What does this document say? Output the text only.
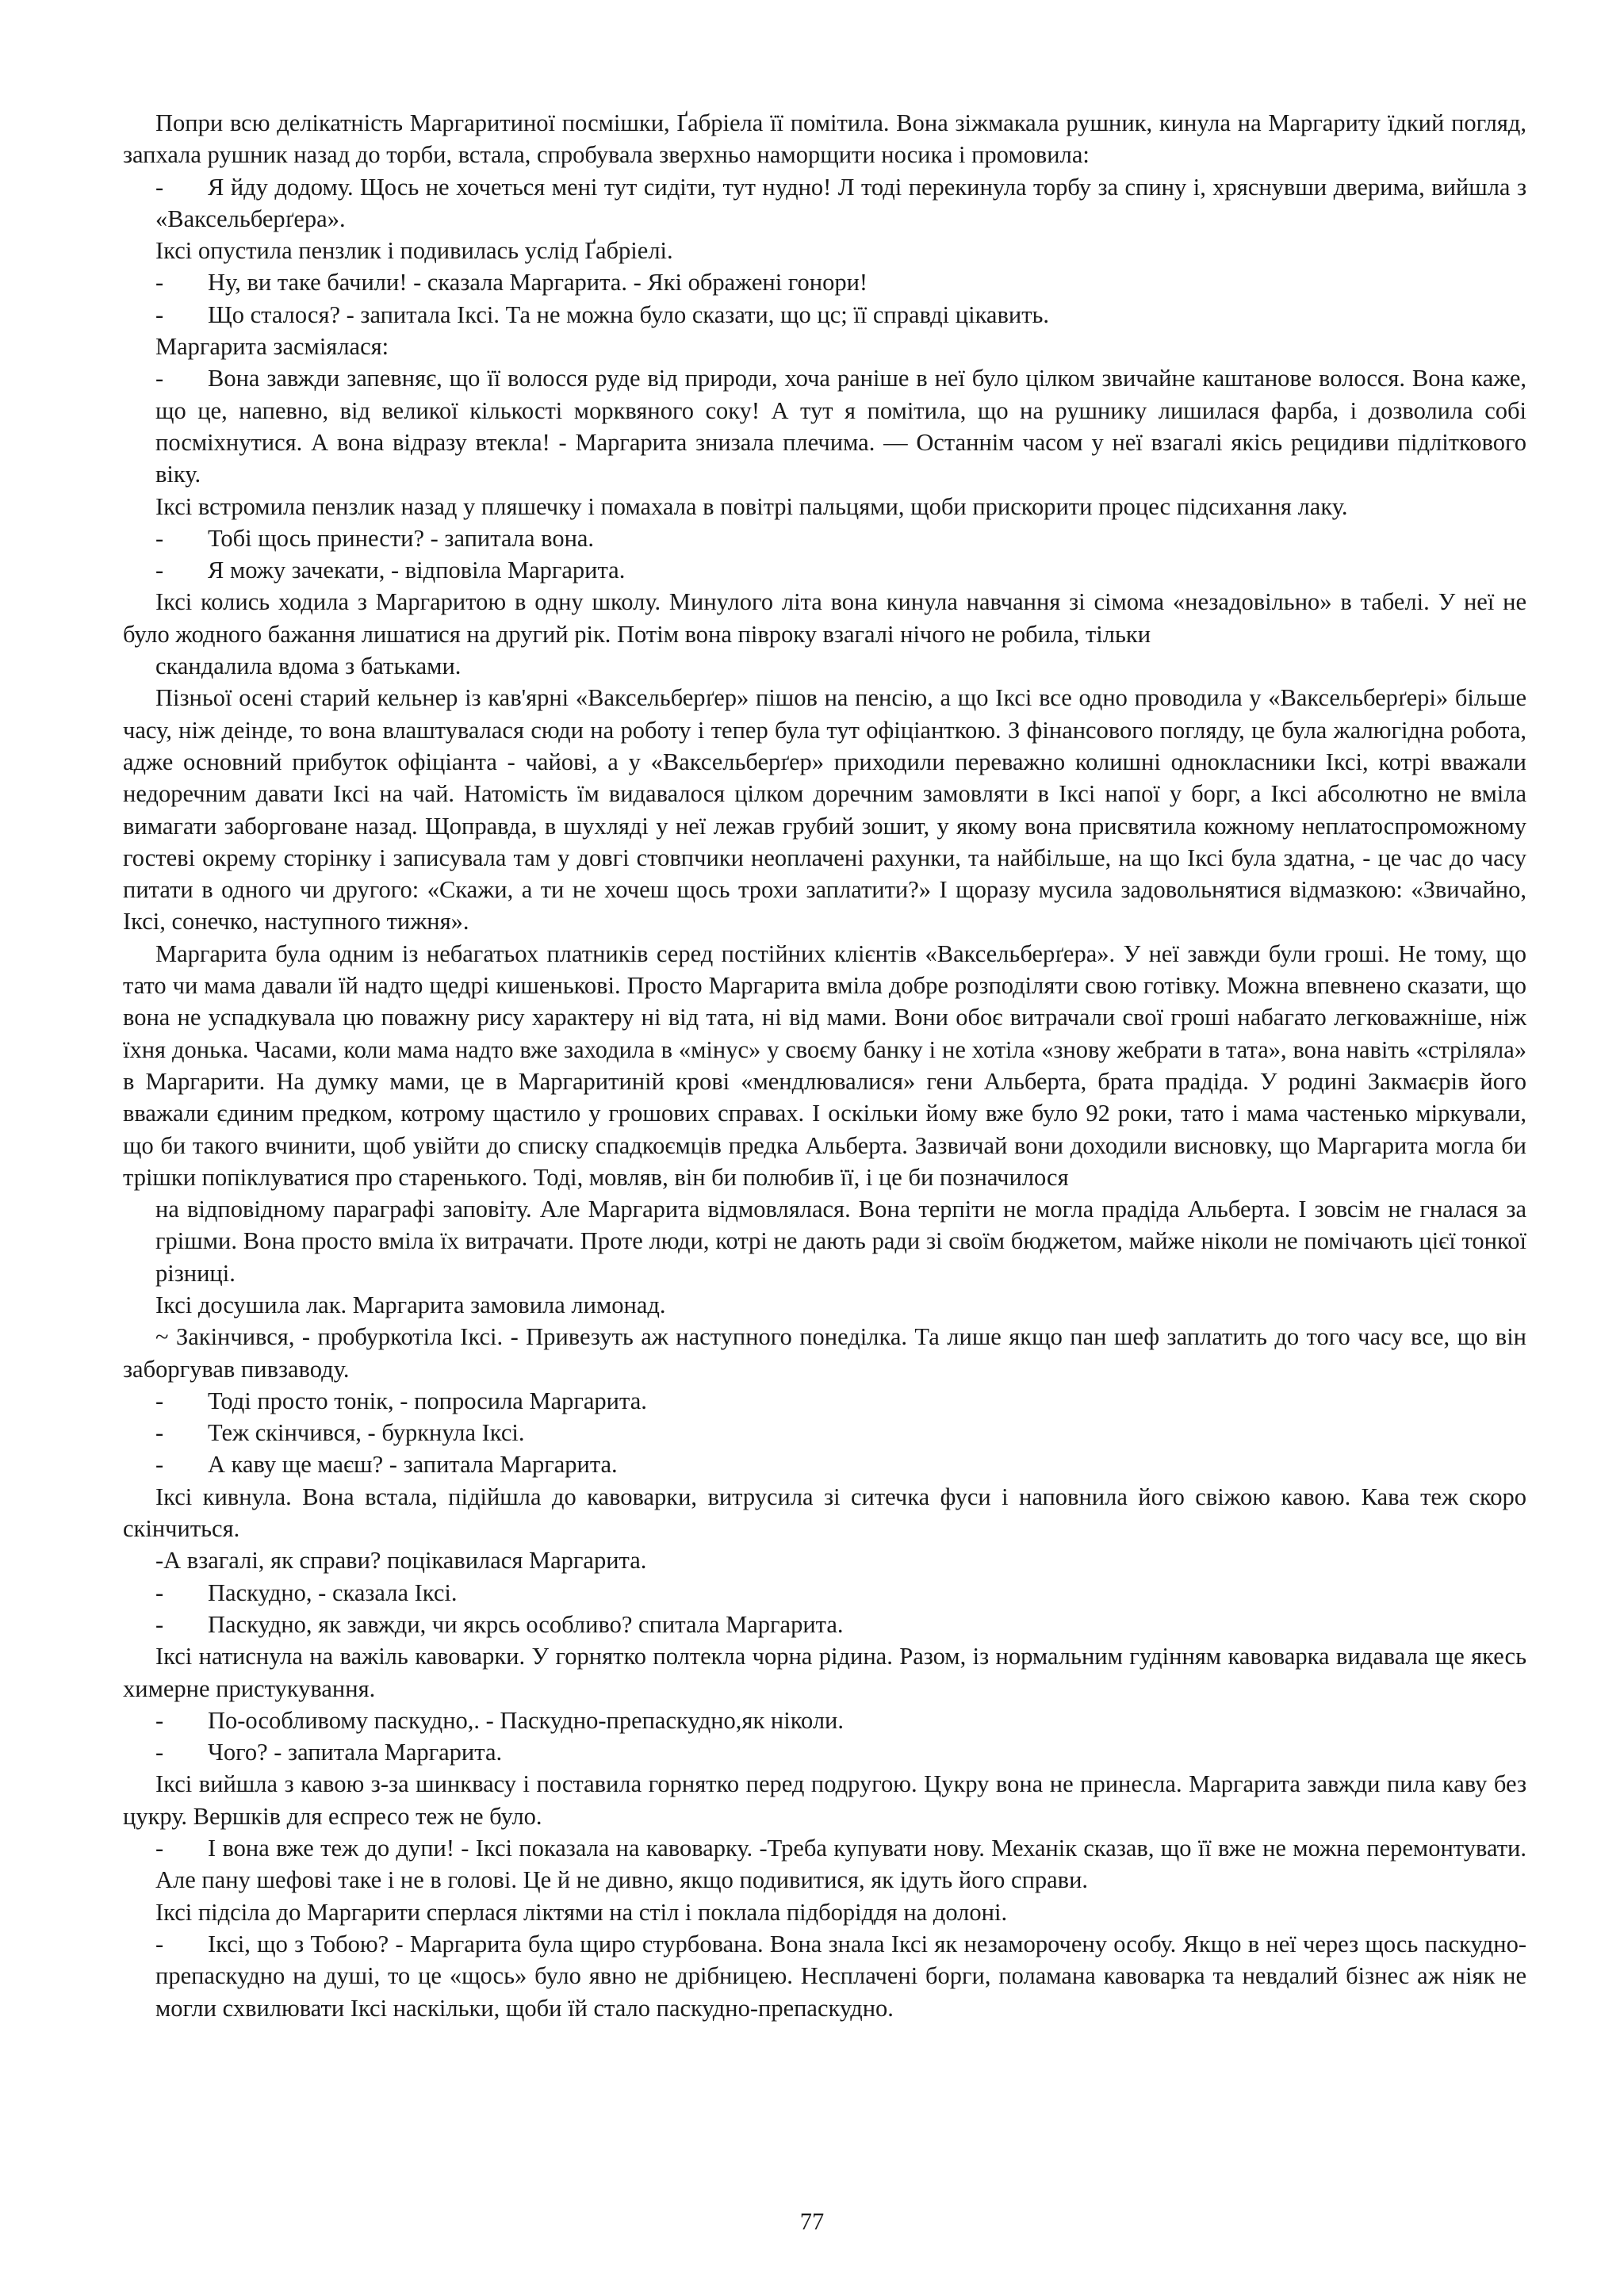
Попри всю делікатність Маргаритиної посмішки, Ґабріела її помітила. Вона зіжмакала рушник, кинула на Маргариту їдкий погляд, запхала рушник назад до торби, встала, спробувала зверхньо наморщити носика і промовила:

- Я йду додому. Щось не хочеться мені тут сидіти, тут нудно! Л тоді перекинула торбу за спину і, хряснувши дверима, вийшла з «Ваксельберґера».

Іксі опустила пензлик і подивилась услід Ґабріелі.

- Ну, ви таке бачили! - сказала Маргарита. - Які ображені гонори!

- Що сталося? - запитала Іксі. Та не можна було сказати, що цс; її справді цікавить.

Маргарита засміялася:

- Вона завжди запевняє, що її волосся руде від природи, хоча раніше в неї було цілком звичайне каштанове волосся. Вона каже, що це, напевно, від великої кількості морквяного соку! А тут я помітила, що на рушнику лишилася фарба, і дозволила собі посміхнутися. А вона відразу втекла! - Маргарита знизала плечима. — Останнім часом у неї взагалі якісь рецидиви підліткового віку.

Іксі встромила пензлик назад у пляшечку і помахала в повітрі пальцями, щоби прискорити процес підсихання лаку.

- Тобі щось принести? - запитала вона.

- Я можу зачекати, - відповіла Маргарита.

Іксі колись ходила з Маргаритою в одну школу. Минулого літа вона кинула навчання зі сімома «незадовільно» в табелі. У неї не було жодного бажання лишатися на другий рік. Потім вона півроку взагалі нічого не робила, тільки

скандалила вдома з батьками.

Пізньої осені старий кельнер із кав'ярні «Ваксельберґер» пішов на пенсію, а що Іксі все одно проводила у «Ваксельберґері» більше часу, ніж деінде, то вона влаштувалася сюди на роботу і тепер була тут офіціанткою. З фінансового погляду, це була жалюгідна робота, адже основний прибуток офіціанта - чайові, а у «Ваксельберґер» приходили переважно колишні однокласники Іксі, котрі вважали недоречним давати Іксі на чай. Натомість їм видавалося цілком доречним замовляти в Іксі напої у борг, а Іксі абсолютно не вміла вимагати заборговане назад. Щоправда, в шухляді у неї лежав грубий зошит, у якому вона присвятила кожному неплатоспроможному гостеві окрему сторінку і записувала там у довгі стовпчики неоплачені рахунки, та найбільше, на що Іксі була здатна, - це час до часу питати в одного чи другого: «Скажи, а ти не хочеш щось трохи заплатити?» І щоразу мусила задовольнятися відмазкою: «Звичайно, Іксі, сонечко, наступного тижня».

Маргарита була одним із небагатьох платників серед постійних клієнтів «Ваксельберґера». У неї завжди були гроші. Не тому, що тато чи мама давали їй надто щедрі кишенькові. Просто Маргарита вміла добре розподіляти свою готівку. Можна впевнено сказати, що вона не успадкувала цю поважну рису характеру ні від тата, ні від мами. Вони обоє витрачали свої гроші набагато легковажніше, ніж їхня донька. Часами, коли мама надто вже заходила в «мінус» у своєму банку і не хотіла «знову жебрати в тата», вона навіть «стріляла» в Маргарити. На думку мами, це в Маргаритиній крові «мендлювалися» гени Альберта, брата прадіда. У родині Закмаєрів його вважали єдиним предком, котрому щастило у грошових справах. І оскільки йому вже було 92 роки, тато і мама частенько міркували, що би такого вчинити, щоб увійти до списку спадкоємців предка Альберта. Зазвичай вони доходили висновку, що Маргарита могла би трішки попіклуватися про старенького. Тоді, мовляв, він би полюбив її, і це би позначилося

на відповідному параграфі заповіту. Але Маргарита відмовлялася. Вона терпіти не могла прадіда Альберта. І зовсім не гналася за грішми. Вона просто вміла їх витрачати. Проте люди, котрі не дають ради зі своїм бюджетом, майже ніколи не помічають цієї тонкої різниці.

Іксі досушила лак. Маргарита замовила лимонад.

~ Закінчився, - пробуркотіла Іксі. - Привезуть аж наступного понеділка. Та лише якщо пан шеф заплатить до того часу все, що він заборгував пивзаводу.

- Тоді просто тонік, - попросила Маргарита.

- Теж скінчився, - буркнула Іксі.

- А каву ще маєш? - запитала Маргарита.

Іксі кивнула. Вона встала, підійшла до кавоварки, витрусила зі ситечка фуси і наповнила його свіжою кавою. Кава теж скоро скінчиться.

-А взагалі, як справи? поцікавилася Маргарита.

- Паскудно, - сказала Іксі.

- Паскудно, як завжди, чи якрсь особливо? спитала Маргарита.

Іксі натиснула на важіль кавоварки. У горнятко полтекла чорна рідина. Разом, із нормальним гудінням кавоварка видавала ще якесь химерне пристукування.

- По-особливому паскудно,. - Паскудно-препаскудно,як ніколи.

- Чого? - запитала Маргарита.

Іксі вийшла з кавою з-за шинквасу і поставила горнятко перед подругою. Цукру вона не принесла. Маргарита завжди пила каву без цукру. Вершків для еспресо теж не було.

- І вона вже теж до дупи! - Іксі показала на кавоварку. -Треба купувати нову. Механік сказав, що її вже не можна перемонтувати. Але пану шефові таке і не в голові. Це й не дивно, якщо подивитися, як ідуть його справи.

Іксі підсіла до Маргарити сперлася ліктями на стіл і поклала підборіддя на долоні.

- Іксі, що з Тобою? - Маргарита була щиро стурбована. Вона знала Іксі як незаморочену особу. Якщо в неї через щось паскудно-препаскудно на душі, то це «щось» було явно не дрібницею. Несплачені борги, поламана кавоварка та невдалий бізнес аж ніяк не могли схвилювати Іксі наскільки, щоби їй стало паскудно-препаскудно.

77
